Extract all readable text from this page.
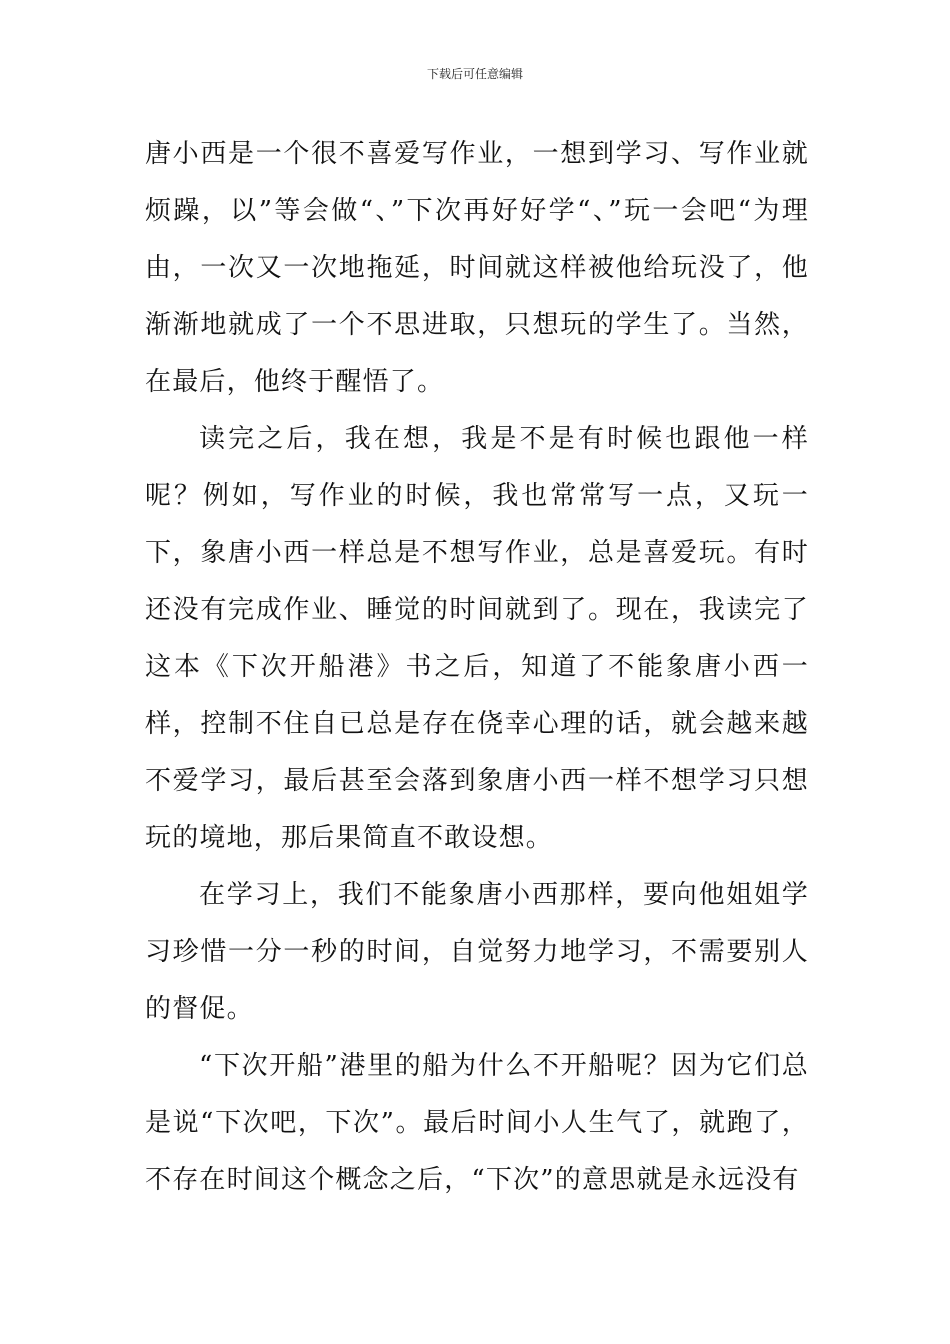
下载后可任意编辑

唐小西是一个很不喜爱写作业，一想到学习、写作业就烦躁，以”等会做“、”下次再好好学“、”玩一会吧“为理由，一次又一次地拖延，时间就这样被他给玩没了，他渐渐地就成了一个不思进取，只想玩的学生了。当然，在最后，他终于醒悟了。

读完之后，我在想，我是不是有时候也跟他一样呢？例如，写作业的时候，我也常常写一点，又玩一下，象唐小西一样总是不想写作业，总是喜爱玩。有时还没有完成作业、睡觉的时间就到了。现在，我读完了这本《下次开船港》书之后，知道了不能象唐小西一样，控制不住自已总是存在侥幸心理的话，就会越来越不爱学习，最后甚至会落到象唐小西一样不想学习只想玩的境地，那后果简直不敢设想。

在学习上，我们不能象唐小西那样，要向他姐姐学习珍惜一分一秒的时间，自觉努力地学习，不需要别人的督促。

“下次开船”港里的船为什么不开船呢？因为它们总是说“下次吧，下次”。最后时间小人生气了，就跑了，不存在时间这个概念之后，“下次”的意思就是永远没有
